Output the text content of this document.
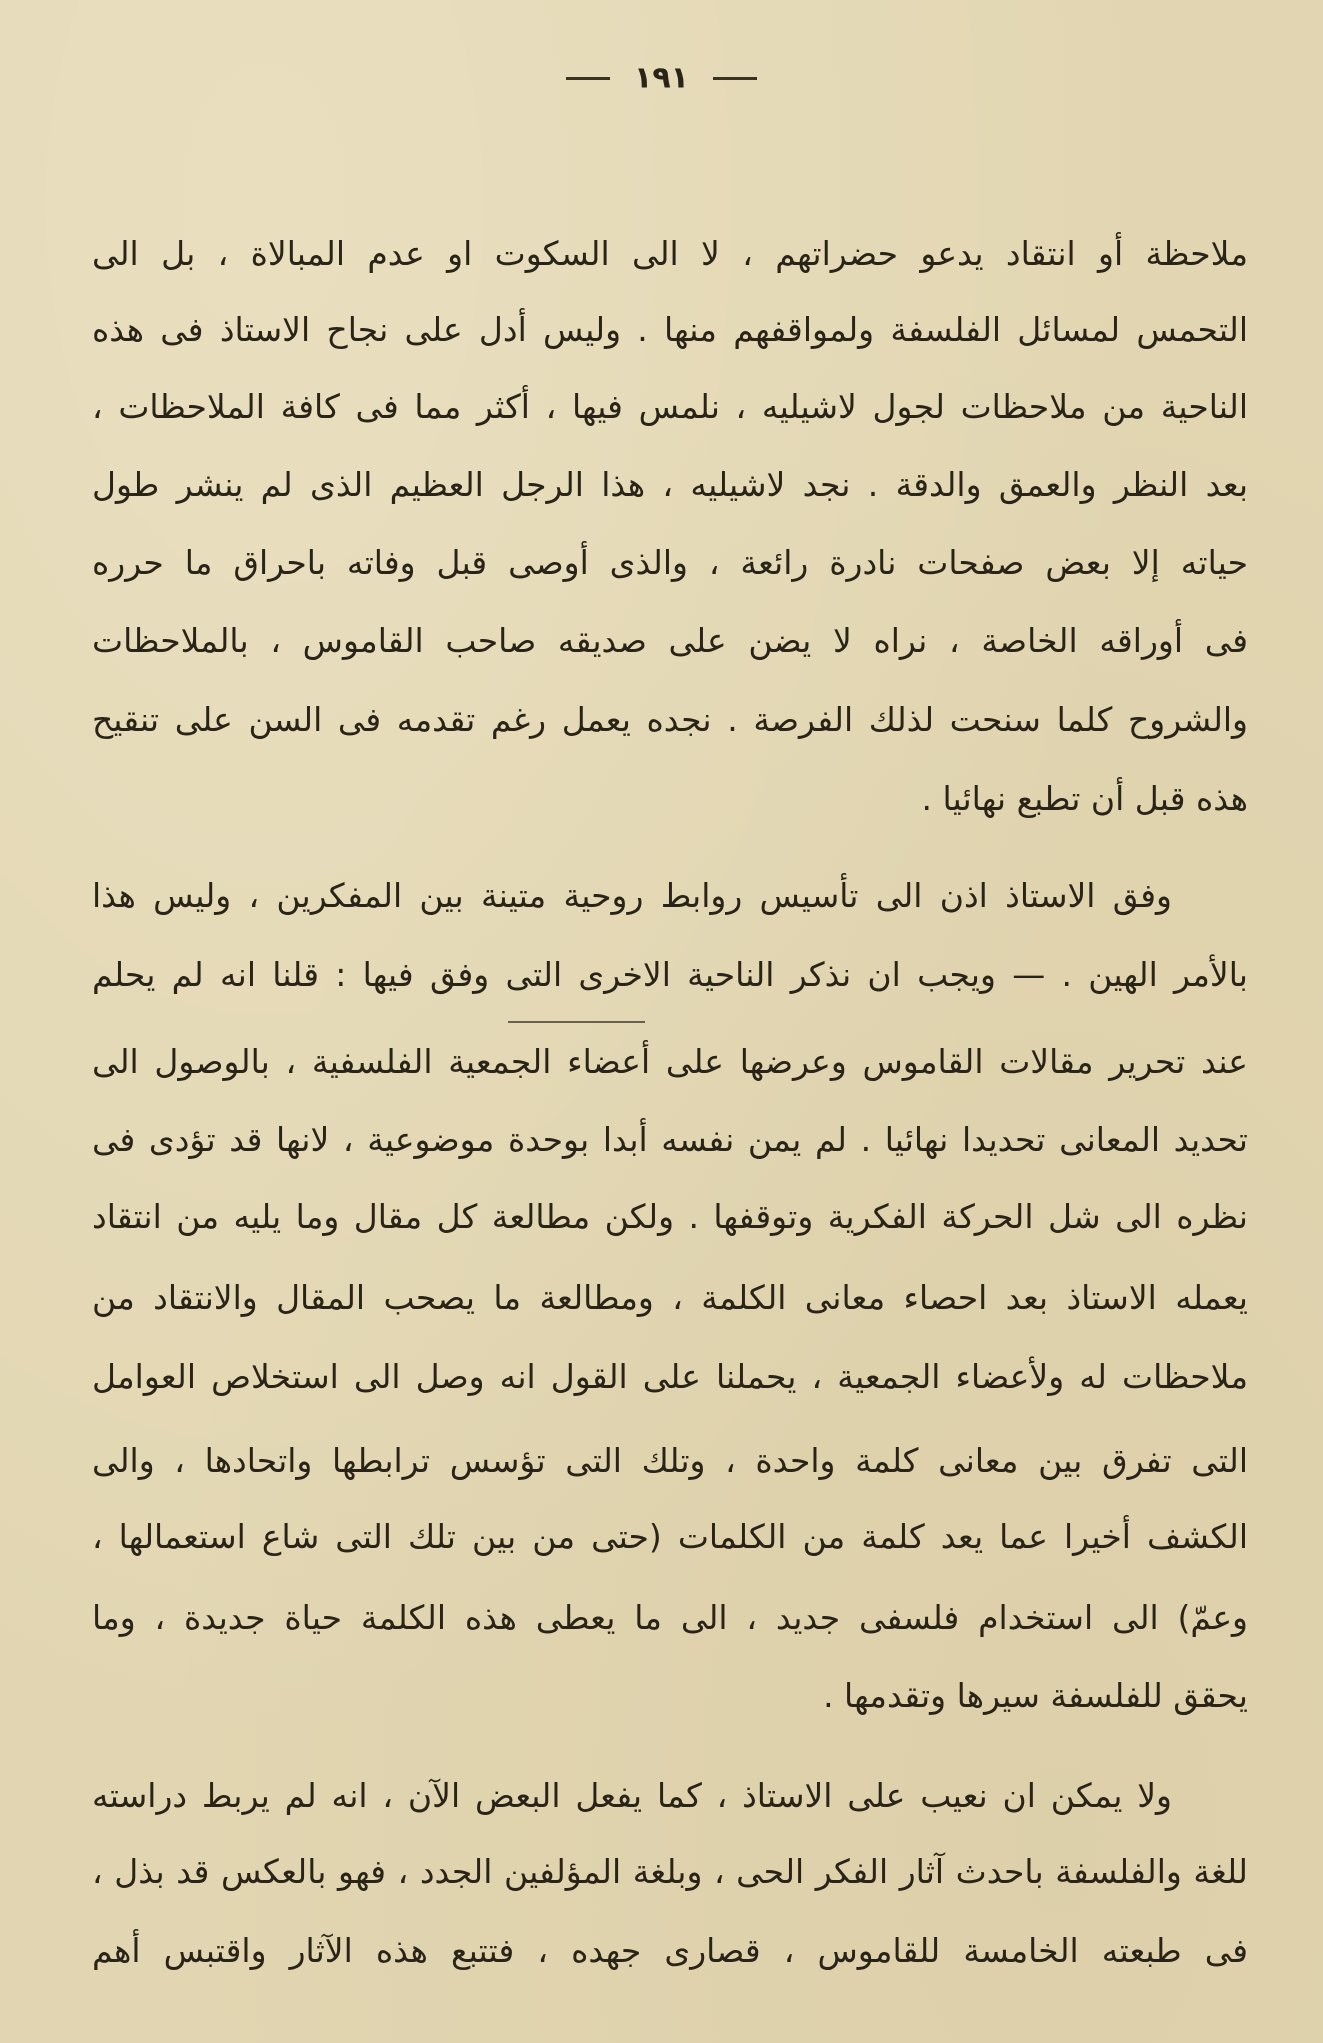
١٩١
ملاحظة أو انتقاد يدعو حضراتهم ، لا الى السكوت او عدم المبالاة ، بل الى
التحمس لمسائل الفلسفة ولمواقفهم منها . وليس أدل على نجاح الاستاذ فى هذه
الناحية من ملاحظات لجول لاشيليه ، نلمس فيها ، أكثر مما فى كافة الملاحظات ،
بعد النظر والعمق والدقة . نجد لاشيليه ، هذا الرجل العظيم الذى لم ينشر طول
حياته إلا بعض صفحات نادرة رائعة ، والذى أوصى قبل وفاته باحراق ما حرره
فى أوراقه الخاصة ، نراه لا يضن على صديقه صاحب القاموس ، بالملاحظات
والشروح كلما سنحت لذلك الفرصة . نجده يعمل رغم تقدمه فى السن على تنقيح
هذه قبل أن تطبع نهائيا .
وفق الاستاذ اذن الى تأسيس روابط روحية متينة بين المفكرين ، وليس هذا
بالأمر الهين . — ويجب ان نذكر الناحية الاخرى التى وفق فيها : قلنا انه لم يحلم
عند تحرير مقالات القاموس وعرضها على أعضاء الجمعية الفلسفية ، بالوصول الى
تحديد المعانى تحديدا نهائيا . لم يمن نفسه أبدا بوحدة موضوعية ، لانها قد تؤدى فى
نظره الى شل الحركة الفكرية وتوقفها . ولكن مطالعة كل مقال وما يليه من انتقاد
يعمله الاستاذ بعد احصاء معانى الكلمة ، ومطالعة ما يصحب المقال والانتقاد من
ملاحظات له ولأعضاء الجمعية ، يحملنا على القول انه وصل الى استخلاص العوامل
التى تفرق بين معانى كلمة واحدة ، وتلك التى تؤسس ترابطها واتحادها ، والى
الكشف أخيرا عما يعد كلمة من الكلمات (حتى من بين تلك التى شاع استعمالها ،
وعمّ) الى استخدام فلسفى جديد ، الى ما يعطى هذه الكلمة حياة جديدة ، وما
يحقق للفلسفة سيرها وتقدمها .
ولا يمكن ان نعيب على الاستاذ ، كما يفعل البعض الآن ، انه لم يربط دراسته
للغة والفلسفة باحدث آثار الفكر الحى ، وبلغة المؤلفين الجدد ، فهو بالعكس قد بذل ،
فى طبعته الخامسة للقاموس ، قصارى جهده ، فتتبع هذه الآثار واقتبس أهم
